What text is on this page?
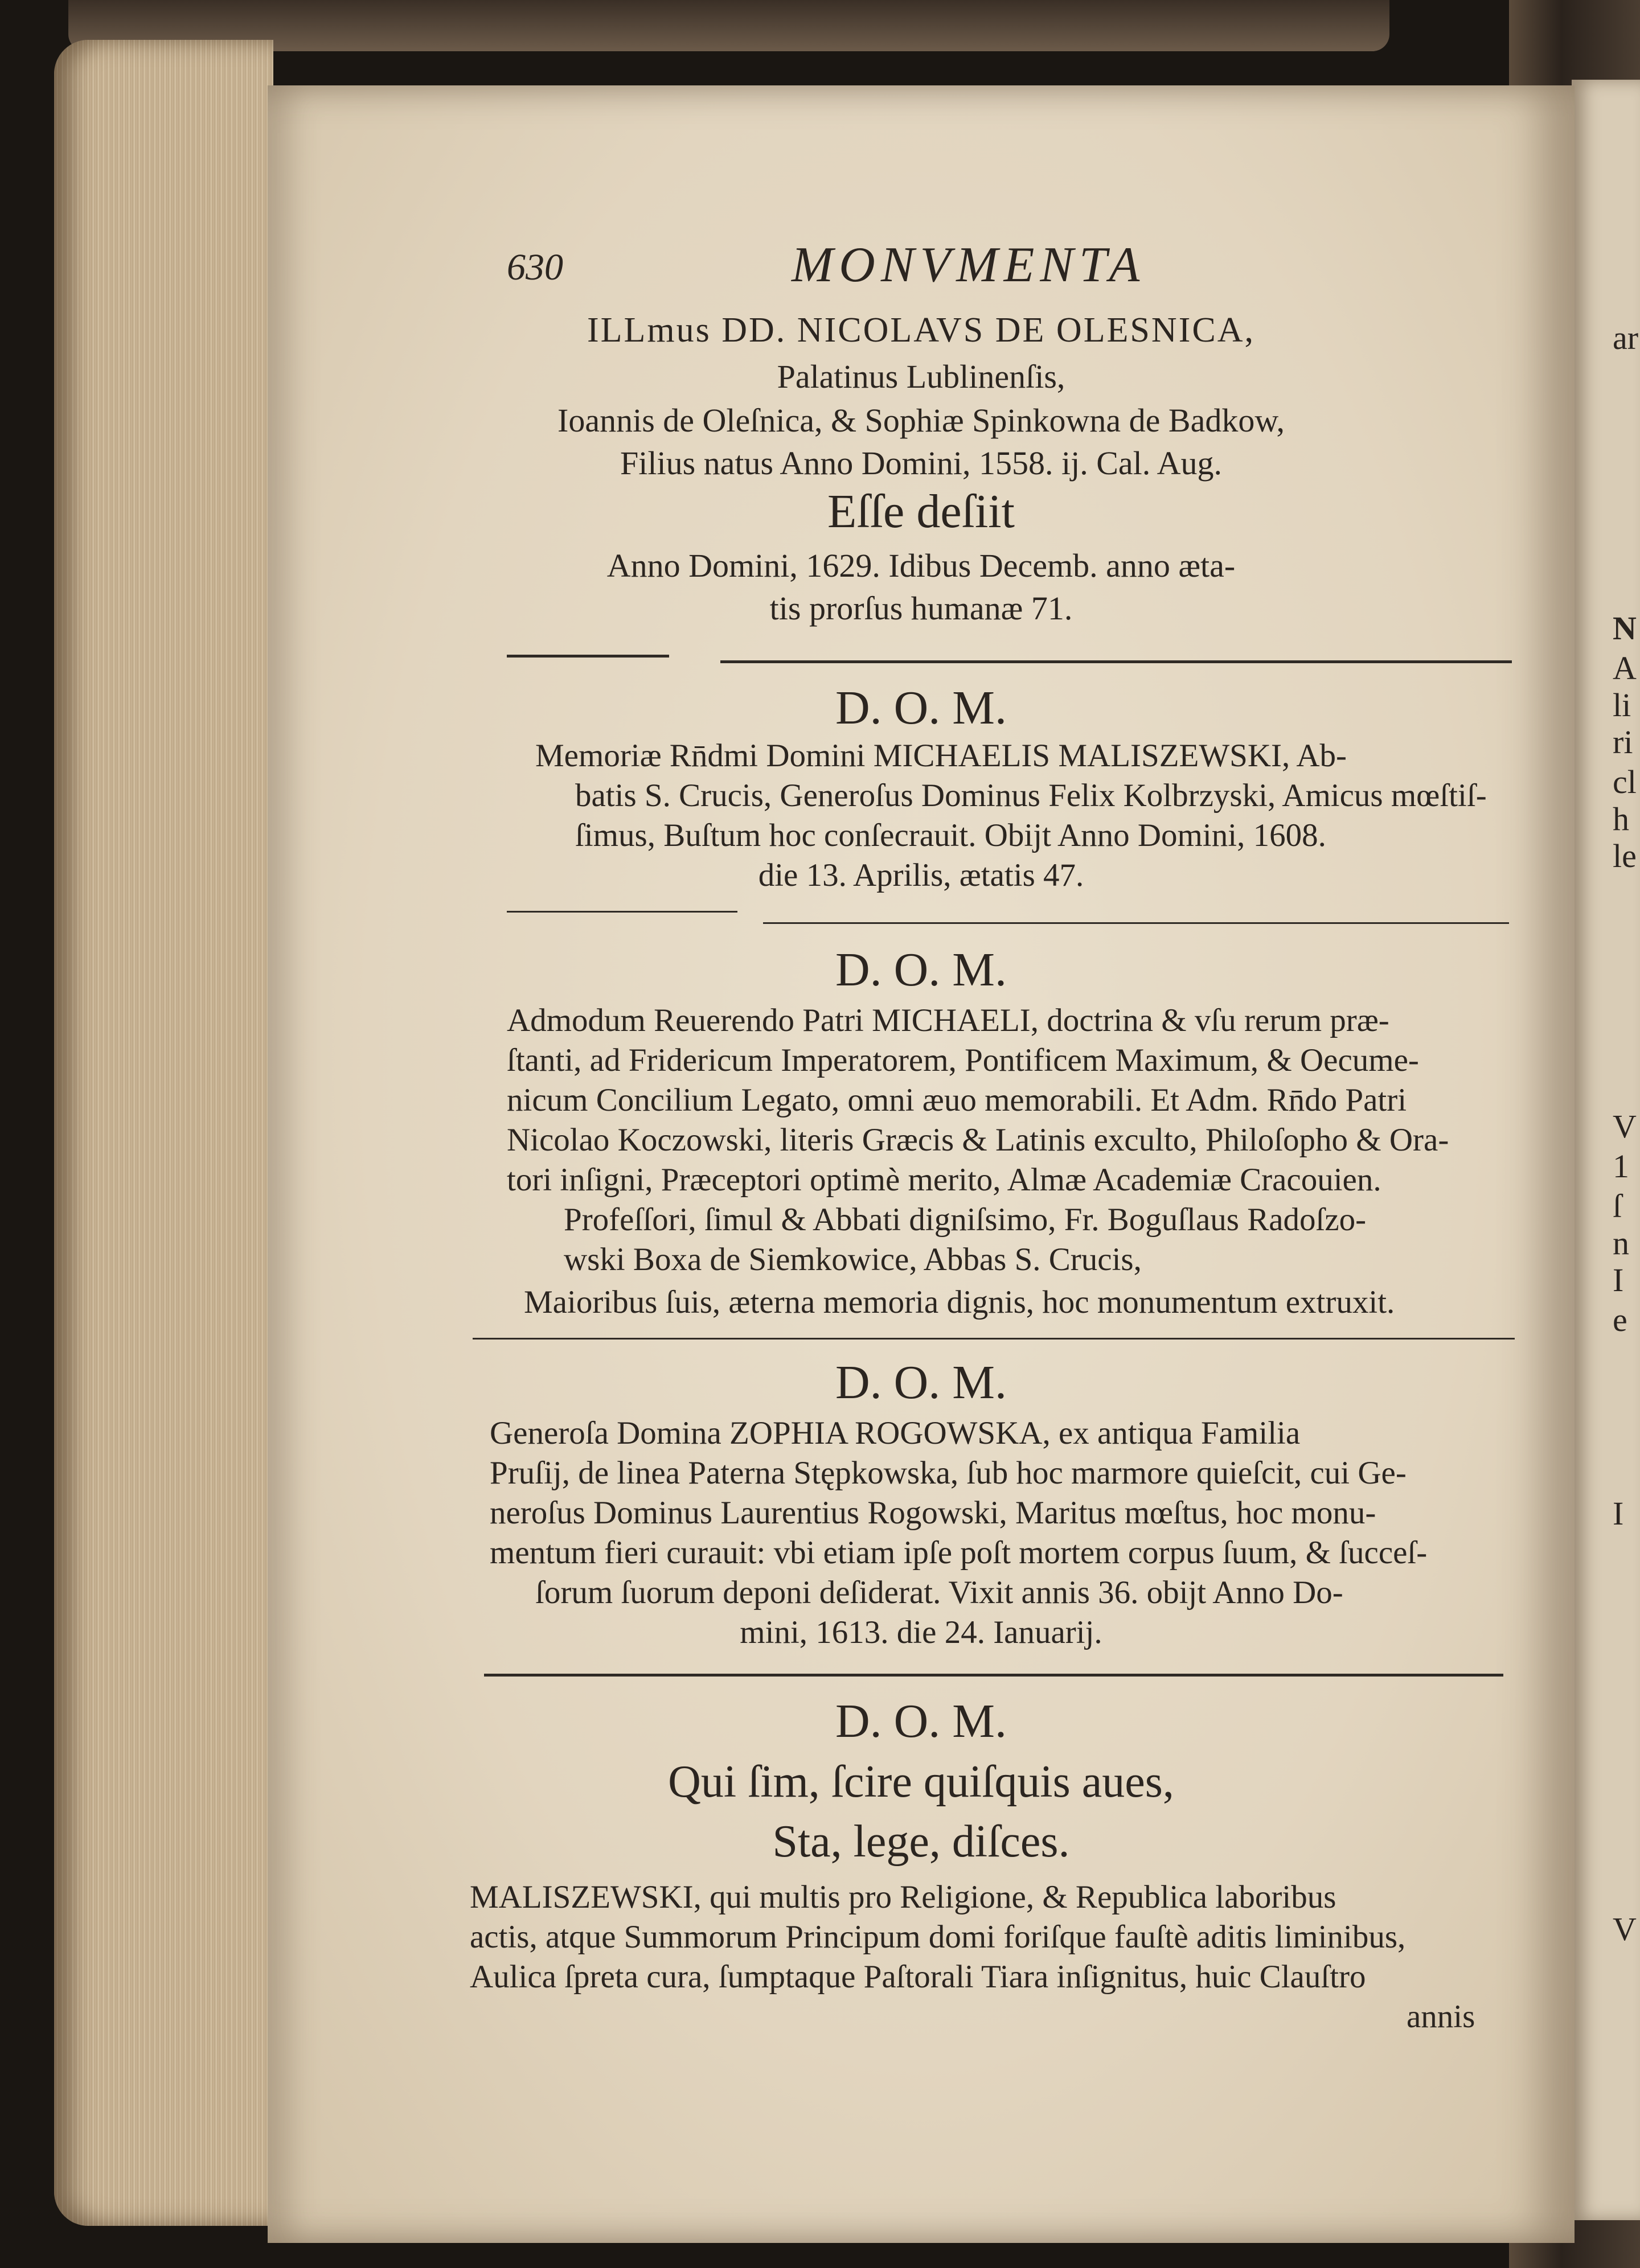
ar
N
A
li
ri
cl
h
le
V
1
ſ
n
I
e
I
V
630	MONVMENTA
ILLmus DD. NICOLAVS DE OLESNICA,
Palatinus Lublinenſis,
Ioannis de Oleſnica, & Sophiæ Spinkowna de Badkow,
Filius natus Anno Domini, 1558. ij. Cal. Aug.
Eſſe deſiit
Anno Domini, 1629. Idibus Decemb. anno æta-
tis prorſus humanæ 71.
D. O. M.
Memoriæ Rn̄dmi Domini MICHAELIS MALISZEWSKI, Ab-
batis S. Crucis, Generoſus Dominus Felix Kolbrzyski, Amicus mœſtiſ-
ſimus, Buſtum hoc conſecrauit. Obijt Anno Domini, 1608.
die 13. Aprilis, ætatis 47.
D. O. M.
Admodum Reuerendo Patri MICHAELI, doctrina & vſu rerum præ-
ſtanti, ad Fridericum Imperatorem, Pontificem Maximum, & Oecume-
nicum Concilium Legato, omni æuo memorabili. Et Adm. Rn̄do Patri
Nicolao Koczowski, literis Græcis & Latinis exculto, Philoſopho & Ora-
tori inſigni, Præceptori optimè merito, Almæ Academiæ Cracouien.
Profeſſori, ſimul & Abbati digniſsimo, Fr. Boguſlaus Radoſzo-
wski Boxa de Siemkowice, Abbas S. Crucis,
Maioribus ſuis, æterna memoria dignis, hoc monumentum extruxit.
D. O. M.
Generoſa Domina ZOPHIA ROGOWSKA, ex antiqua Familia
Pruſij, de linea Paterna Stępkowska, ſub hoc marmore quieſcit, cui Ge-
neroſus Dominus Laurentius Rogowski, Maritus mœſtus, hoc monu-
mentum fieri curauit: vbi etiam ipſe poſt mortem corpus ſuum, & ſucceſ-
ſorum ſuorum deponi deſiderat. Vixit annis 36. obijt Anno Do-
mini, 1613. die 24. Ianuarij.
D. O. M.
Qui ſim, ſcire quiſquis aues,
Sta, lege, diſces.
MALISZEWSKI, qui multis pro Religione, & Republica laboribus
actis, atque Summorum Principum domi foriſque fauſtè aditis liminibus,
Aulica ſpreta cura, ſumptaque Paſtorali Tiara inſignitus, huic Clauſtro
annis
